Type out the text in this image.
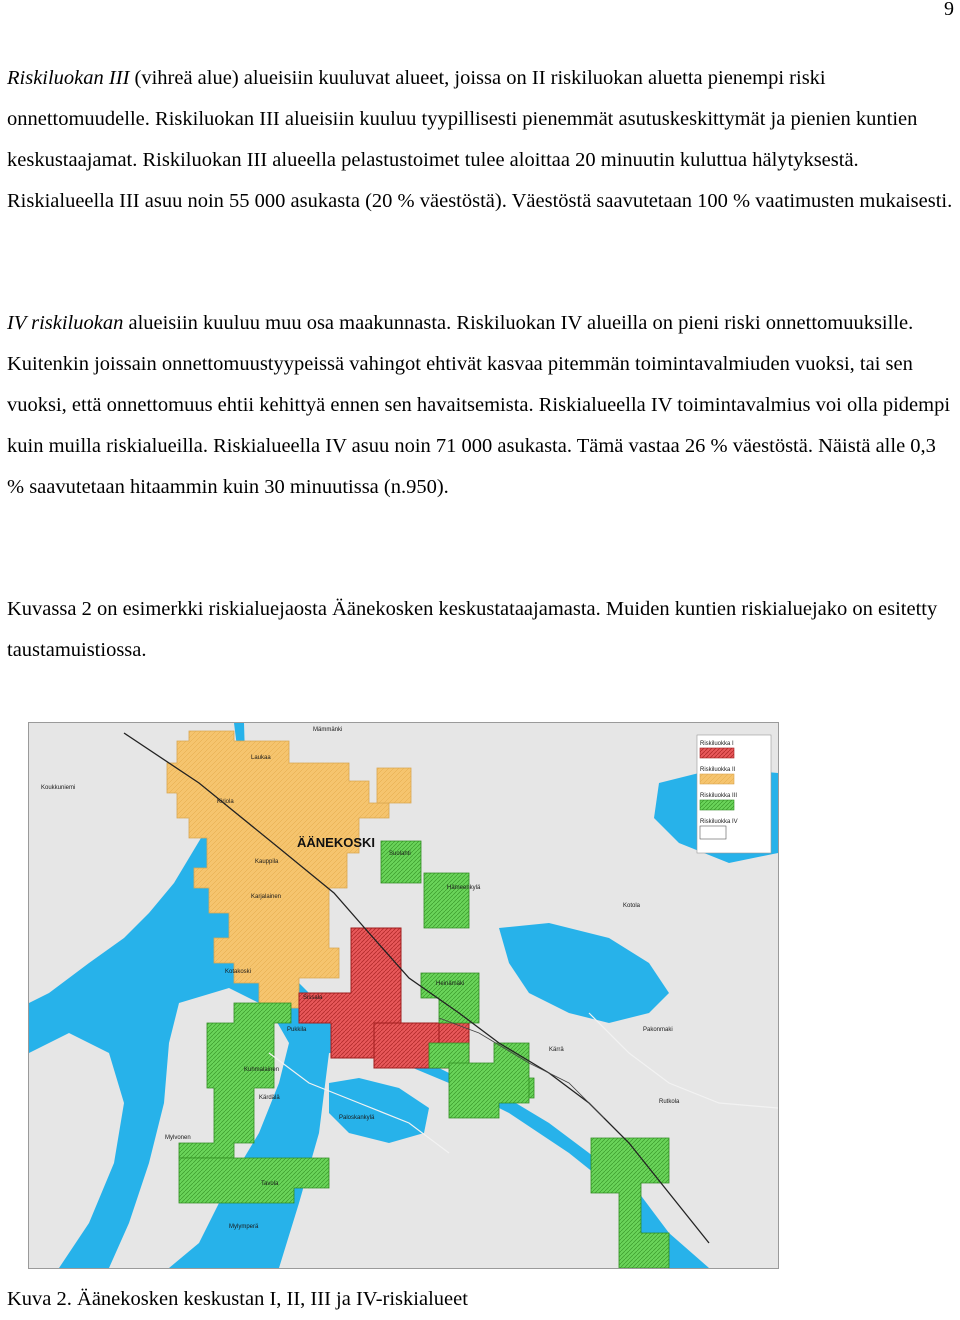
9

Riskiluokan III (vihreä alue) alueisiin kuuluvat alueet, joissa on II riskiluokan aluetta pienempi riski onnettomuudelle. Riskiluokan III alueisiin kuuluu tyypillisesti pienemmät asutuskeskittymät ja pienien kuntien keskustaajamat. Riskiluokan III alueella pelastustoimet tulee aloittaa 20 minuutin kuluttua hälytyksestä. Riskialueella III asuu noin 55 000 asukasta (20 % väestöstä). Väestöstä saavutetaan 100 % vaatimusten mukaisesti.

IV riskiluokan alueisiin kuuluu muu osa maakunnasta. Riskiluokan IV alueilla on pieni riski onnettomuuksille. Kuitenkin joissain onnettomuustyypeissä vahingot ehtivät kasvaa pitemmän toimintavalmiuden vuoksi, tai sen vuoksi, että onnettomuus ehtii kehittyä ennen sen havaitsemista. Riskialueella IV toimintavalmius voi olla pidempi kuin muilla riskialueilla. Riskialueella IV asuu noin 71 000 asukasta. Tämä vastaa 26 % väestöstä. Näistä alle 0,3 % saavutetaan hitaammin kuin 30 minuutissa (n.950).

Kuvassa 2 on esimerkki riskialuejaosta Äänekosken keskustataajamasta. Muiden kuntien riskialuejako on esitetty taustamuistiossa.

ÄÄNEKOSKI
Koukkuniemi
Mämmänki
Laukaa
Kirjola
Suolahti
Kauppila
Karjalainen
Hämeenkylä
Kotakoski
Sissala
Heinämäki
Pukkila
Kotola
Kuhmalainen
Pakonmaki
Kärrä
Kärdälä
Paloskankylä
Mylvonen
Tavola
Rutkola
Mylymperä
Riskiluokka I
Riskiluokka II
Riskiluokka III
Riskiluokka IV

Kuva 2. Äänekosken keskustan I, II, III ja IV-riskialueet
